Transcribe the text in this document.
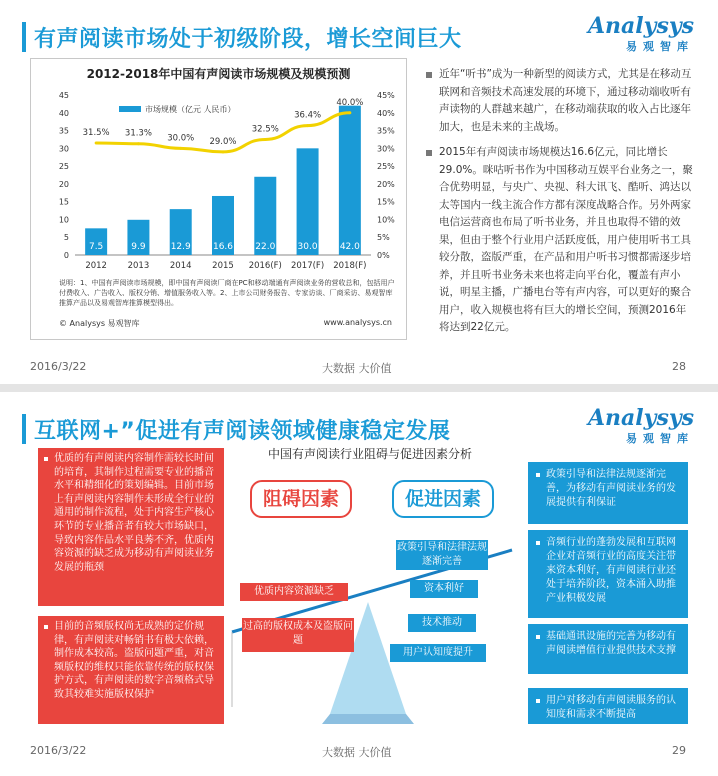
有声阅读市场处于初级阶段，增长空间巨大
Analysys
易观智库
2012-2018年中国有声阅读市场规模及规模预测
市场规模（亿元 人民币）
0
5
10
15
20
25
30
35
40
45
0%
5%
10%
15%
20%
25%
30%
35%
40%
45%
7.5
2012
9.9
2013
12.9
2014
16.6
2015
22.0
2016(F)
30.0
2017(F)
42.0
2018(F)
31.5% 31.3% 30.0% 29.0%
32.5%
36.4%
40.0%
说明：1、中国有声阅读市场规模，即中国有声阅读厂商在PC和移动端通有声阅读业务的营收总和，包括用户付费收入、广告收入、版权分销、增值服务收入等。2、上市公司财务报告、专家访谈、厂商采访、易观智库推算产品以及易观智库推算模型得出。
© Analysys 易观智库	www.analysys.cn
近年“听书”成为一种新型的阅读方式，尤其是在移动互联网和音频技术高速发展的环境下，通过移动端收听有声读物的人群越来越广，在移动端获取的收入占比逐年加大，也是未来的主战场。
2015年有声阅读市场规模达16.6亿元，同比增长29.0%。咪咕听书作为中国移动互娱平台业务之一，聚合优势明显，与央广、央视、科大讯飞、酷听、鸿达以太等国内一线主流合作方都有深度战略合作。另外两家电信运营商也布局了听书业务，并且也取得不错的效果，但由于整个行业用户活跃度低，用户使用听书工具较分散，盗版严重，在产品和用户听书习惯都需逐步培养，并且听书业务未来也将走向平台化，覆盖有声小说，明星主播，广播电台等有声内容，可以更好的聚合用户，收入规模也将有巨大的增长空间，预测2016年将达到22亿元。
2016/3/22	大数据 大价值	28
互联网+”促进有声阅读领域健康稳定发展
Analysys
易观智库
中国有声阅读行业阻碍与促进因素分析
阻碍因素	促进因素
优质的有声阅读内容制作需较长时间的培育，其制作过程需要专业的播音水平和精细化的策划编辑。目前市场上有声阅读内容制作未形成全行业的通用的制作流程，处于内容生产核心环节的专业播音者有较大市场缺口，导致内容作品水平良莠不齐，优质内容资源的缺乏成为移动有声阅读业务发展的瓶颈
目前的音频版权尚无成熟的定价规律，有声阅读对畅销书有极大依赖，制作成本较高。盗版问题严重，对音频版权的维权只能依靠传统的版权保护方式，有声阅读的数字音频格式导致其较难实施版权保护
优质内容资源缺乏
过高的版权成本及盗版问题
政策引导和法律法规逐渐完善
资本利好
技术推动
用户认知度提升
政策引导和法律法规逐渐完善，为移动有声阅读业务的发展提供有利保证
音频行业的蓬勃发展和互联网企业对音频行业的高度关注带来资本利好，有声阅读行业还处于培养阶段，资本涌入助推产业积极发展
基础通讯设施的完善为移动有声阅读增值行业提供技术支撑
用户对移动有声阅读服务的认知度和需求不断提高
2016/3/22	大数据 大价值	29
